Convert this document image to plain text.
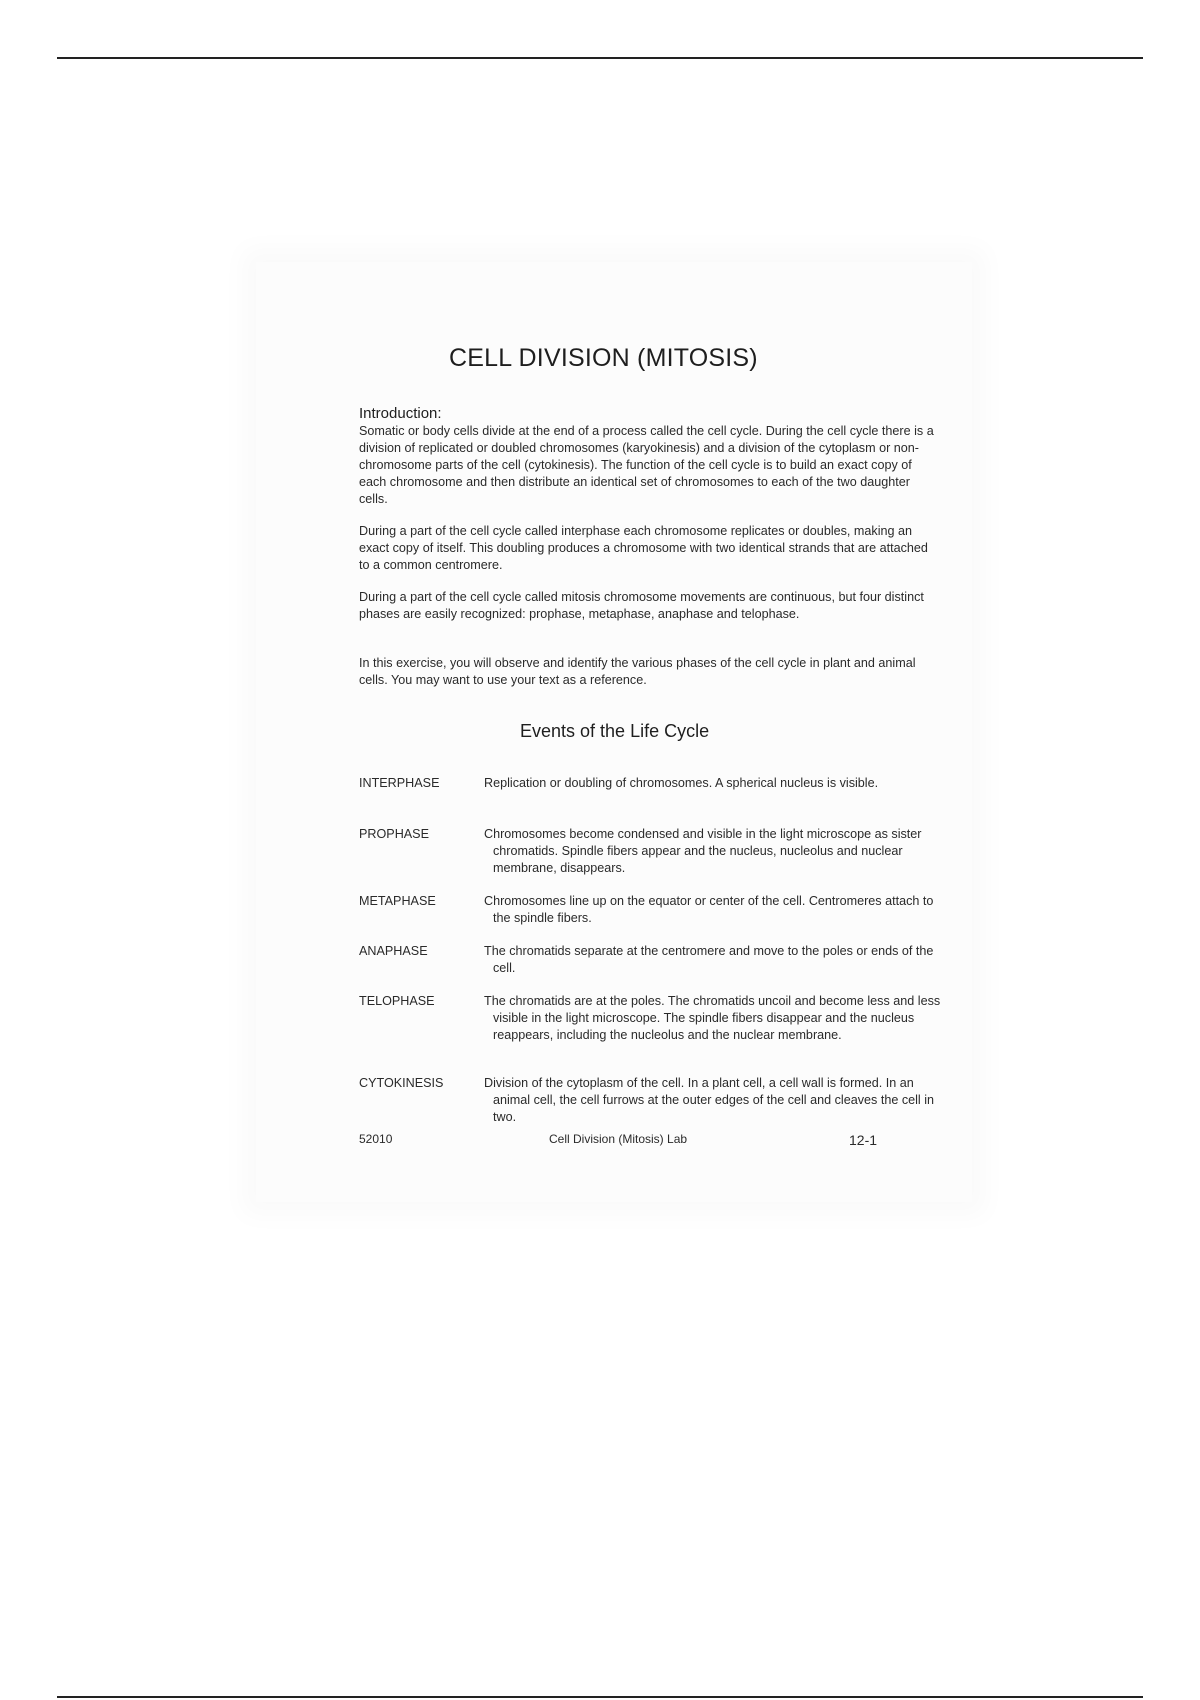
CELL DIVISION (MITOSIS)
Introduction:
Somatic or body cells divide at the end of a process called the cell cycle. During the cell cycle there is a division of replicated or doubled chromosomes (karyokinesis) and a division of the cytoplasm or non-chromosome parts of the cell (cytokinesis). The function of the cell cycle is to build an exact copy of each chromosome and then distribute an identical set of chromosomes to each of the two daughter cells.
During a part of the cell cycle called interphase each chromosome replicates or doubles, making an exact copy of itself. This doubling produces a chromosome with two identical strands that are attached to a common centromere.
During a part of the cell cycle called mitosis chromosome movements are continuous, but four distinct phases are easily recognized: prophase, metaphase, anaphase and telophase.
In this exercise, you will observe and identify the various phases of the cell cycle in plant and animal cells. You may want to use your text as a reference.
Events of the Life Cycle
INTERPHASE	Replication or doubling of chromosomes. A spherical nucleus is visible.
PROPHASE	Chromosomes become condensed and visible in the light microscope as sister chromatids. Spindle fibers appear and the nucleus, nucleolus and nuclear membrane, disappears.
METAPHASE	Chromosomes line up on the equator or center of the cell. Centromeres attach to the spindle fibers.
ANAPHASE	The chromatids separate at the centromere and move to the poles or ends of the cell.
TELOPHASE	The chromatids are at the poles. The chromatids uncoil and become less and less visible in the light microscope. The spindle fibers disappear and the nucleus reappears, including the nucleolus and the nuclear membrane.
CYTOKINESIS	Division of the cytoplasm of the cell. In a plant cell, a cell wall is formed. In an animal cell, the cell furrows at the outer edges of the cell and cleaves the cell in two.
52010	Cell Division (Mitosis) Lab	12-1
